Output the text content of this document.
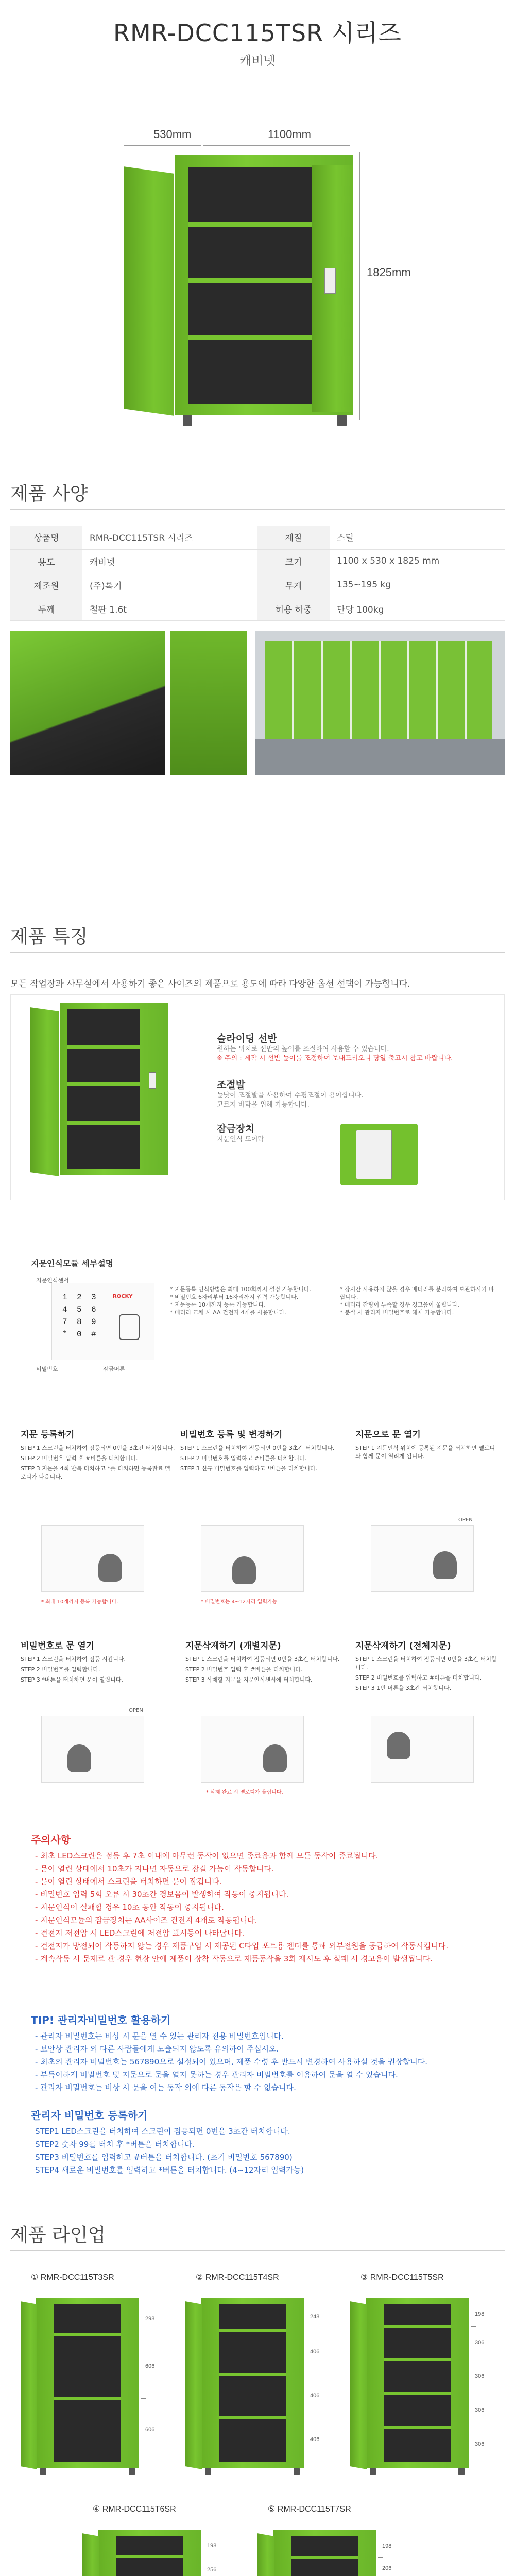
RMR-DCC115TSR 시리즈
캐비넷
530mm	1100mm
1825mm
제품 사양
상품명	RMR-DCC115TSR 시리즈	재질	스틸
용도	캐비넷	크기	1100 x 530 x 1825 mm
제조원	(주)록키	무게	135~195 kg
두께	철판 1.6t	허용 하중	단당 100kg
제품 특징
모든 작업장과 사무실에서 사용하기 좋은 사이즈의 제품으로 용도에 따라 다양한 옵션 선택이 가능합니다.
슬라이딩 선반
원하는 위치로 선반의 높이를 조절하여 사용할 수 있습니다.
※ 주의 : 제작 시 선반 높이를 조정하여 보내드리오니 당일 출고시 참고 바랍니다.
조절발
높낮이 조절발을 사용하여 수평조절이 용이합니다.
고르지 바닥을 위해 가능합니다.
잠금장치
지문인식 도어락
지문인식모듈 세부설명
1	2	3
4	5	6
7	8	9
*	0	#
ROCKY
지문인식센서
비밀번호	잠금버튼
* 지문등록 인식방법은 최대 100회까지 설정 가능합니다.
* 비밀번호 6자리부터 16자리까지 입력 가능합니다.
* 지문등록 10개까지 등록 가능합니다.
* 배터리 교체 시 AA 건전지 4개를 사용합니다.
* 장시간 사용하지 않을 경우 배터리를 분리하여 보관하시기 바랍니다.
* 배터리 잔량이 부족할 경우 경고음이 울립니다.
* 분실 시 관리자 비밀번호로 해제 가능합니다.
지문 등록하기
STEP 1 스크린을 터치하여 점등되면 0번을 3초간 터치합니다.
STEP 2 비밀번호 입력 후 #버튼을 터치합니다.
STEP 3 지문을 4회 반복 터치하고 *를 터치하면 등록완료 멜로디가 나옵니다.
* 최대 10개까지 등록 가능합니다.
비밀번호 등록 및 변경하기
STEP 1 스크린을 터치하여 점등되면 0번을 3초간 터치합니다.
STEP 2 비밀번호를 입력하고 #버튼을 터치합니다.
STEP 3 신규 비밀번호를 입력하고 *버튼을 터치합니다.
* 비밀번호는 4~12자리 입력가능
지문으로 문 열기
STEP 1 지문인식 위치에 등록된 지문을 터치하면 멜로디와 함께 문이 열리게 됩니다.
OPEN
비밀번호로 문 열기
STEP 1 스크린을 터치하여 점등 시킵니다.
STEP 2 비밀번호를 입력합니다.
STEP 3 *버튼을 터치하면 문이 열립니다.
OPEN
지문삭제하기 (개별지문)
STEP 1 스크린을 터치하여 점등되면 0번을 3초간 터치합니다.
STEP 2 비밀번호 입력 후 #버튼을 터치합니다.
STEP 3 삭제할 지문을 지문인식센서에 터치합니다.
* 삭제 완료 시 멜로디가 울립니다.
지문삭제하기 (전체지문)
STEP 1 스크린을 터치하여 점등되면 0번을 3초간 터치합니다.
STEP 2 비밀번호를 입력하고 #버튼을 터치합니다.
STEP 3 1번 버튼을 3초간 터치합니다.
주의사항
- 최초 LED스크린은 점등 후 7초 이내에 아무런 동작이 없으면 종료음과 함께 모든 동작이 종료됩니다.
- 문이 열린 상태에서 10초가 지나면 자동으로 잠길 가능이 작동합니다.
- 문이 열린 상태에서 스크린을 터치하면 문이 잠깁니다.
- 비밀번호 입력 5회 오류 시 30초간 경보음이 발생하여 작동이 중지됩니다.
- 지문인식이 실패할 경우 10초 동안 작동이 중지됩니다.
- 지문인식모듈의 잠금장치는 AA사이즈 건전지 4개로 작동됩니다.
- 건전지 저전압 시 LED스크린에 저전압 표시등이 나타납니다.
- 건전지가 방전되어 작동하지 않는 경우 제품구입 시 제공된 C타입 포트용 젠더를 통해 외부전원을 공급하여 작동시킵니다.
- 계속작동 시 문제로 관 경우 현장 안에 제품이 장착 작동으로 제품동작을 3회 재시도 후 실패 시 경고음이 발생됩니다.
TIP! 관리자비밀번호 활용하기
- 관리자 비밀번호는 비상 시 문을 열 수 있는 관리자 전용 비밀번호입니다.
- 보안상 관리자 외 다른 사람들에게 노출되지 않도록 유의하여 주십시오.
- 최초의 관리자 비밀번호는 567890으로 설정되어 있으며, 제품 수령 후 반드시 변경하여 사용하실 것을 권장합니다.
- 부득이하게 비밀번호 및 지문으로 문을 열지 못하는 경우 관리자 비밀번호를 이용하여 문을 열 수 있습니다.
- 관리자 비밀번호는 비상 시 문을 여는 동작 외에 다른 동작은 할 수 없습니다.
관리자 비밀번호 등록하기
STEP1 LED스크린을 터치하여 스크린이 점등되면 0번을 3초간 터치합니다.
STEP2 숫자 99를 터치 후 *버튼을 터치합니다.
STEP3 비밀번호를 입력하고 #버튼을 터치합니다. (초기 비밀번호 567890)
STEP4 새로운 비밀번호를 입력하고 *버튼을 터치합니다. (4~12자리 입력가능)
제품 라인업
① RMR-DCC115T3SR
298
606
606
② RMR-DCC115T4SR
248
406
406
406
③ RMR-DCC115T5SR
198
306
306
306
306
④ RMR-DCC115T6SR
198
256
⑤ RMR-DCC115T7SR
198
206
